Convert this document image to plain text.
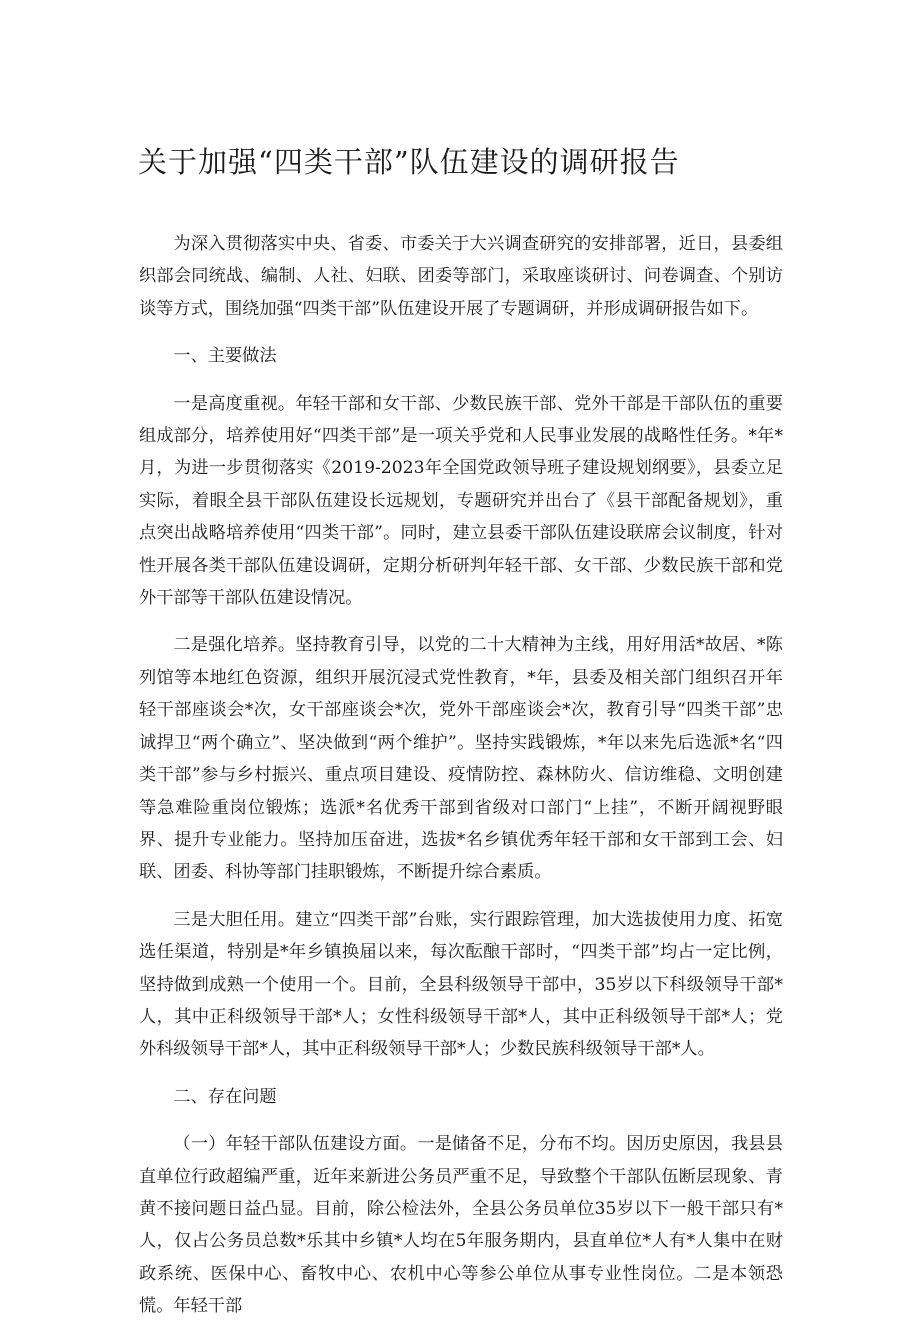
关于加强“四类干部”队伍建设的调研报告

为深入贯彻落实中央、省委、市委关于大兴调查研究的安排部署，近日，县委组织部会同统战、编制、人社、妇联、团委等部门，采取座谈研讨、问卷调查、个别访谈等方式，围绕加强“四类干部”队伍建设开展了专题调研，并形成调研报告如下。

一、主要做法

一是高度重视。年轻干部和女干部、少数民族干部、党外干部是干部队伍的重要组成部分，培养使用好“四类干部”是一项关乎党和人民事业发展的战略性任务。*年*月，为进一步贯彻落实《2019-2023年全国党政领导班子建设规划纲要》，县委立足实际，着眼全县干部队伍建设长远规划，专题研究并出台了《县干部配备规划》，重点突出战略培养使用“四类干部”。同时，建立县委干部队伍建设联席会议制度，针对性开展各类干部队伍建设调研，定期分析研判年轻干部、女干部、少数民族干部和党外干部等干部队伍建设情况。

二是强化培养。坚持教育引导，以党的二十大精神为主线，用好用活*故居、*陈列馆等本地红色资源，组织开展沉浸式党性教育，*年，县委及相关部门组织召开年轻干部座谈会*次，女干部座谈会*次，党外干部座谈会*次，教育引导“四类干部”忠诚捍卫“两个确立”、坚决做到“两个维护”。坚持实践锻炼，*年以来先后选派*名“四类干部”参与乡村振兴、重点项目建设、疫情防控、森林防火、信访维稳、文明创建等急难险重岗位锻炼；选派*名优秀干部到省级对口部门“上挂”，不断开阔视野眼界、提升专业能力。坚持加压奋进，选拔*名乡镇优秀年轻干部和女干部到工会、妇联、团委、科协等部门挂职锻炼，不断提升综合素质。

三是大胆任用。建立“四类干部”台账，实行跟踪管理，加大选拔使用力度、拓宽选任渠道，特别是*年乡镇换届以来，每次酝酿干部时，“四类干部”均占一定比例，坚持做到成熟一个使用一个。目前，全县科级领导干部中，35岁以下科级领导干部*人，其中正科级领导干部*人；女性科级领导干部*人，其中正科级领导干部*人；党外科级领导干部*人，其中正科级领导干部*人；少数民族科级领导干部*人。

二、存在问题

（一）年轻干部队伍建设方面。一是储备不足，分布不均。因历史原因，我县县直单位行政超编严重，近年来新进公务员严重不足，导致整个干部队伍断层现象、青黄不接问题日益凸显。目前，除公检法外，全县公务员单位35岁以下一般干部只有*人，仅占公务员总数*乐其中乡镇*人均在5年服务期内，县直单位*人有*人集中在财政系统、医保中心、畜牧中心、农机中心等参公单位从事专业性岗位。二是本领恐慌。年轻干部
